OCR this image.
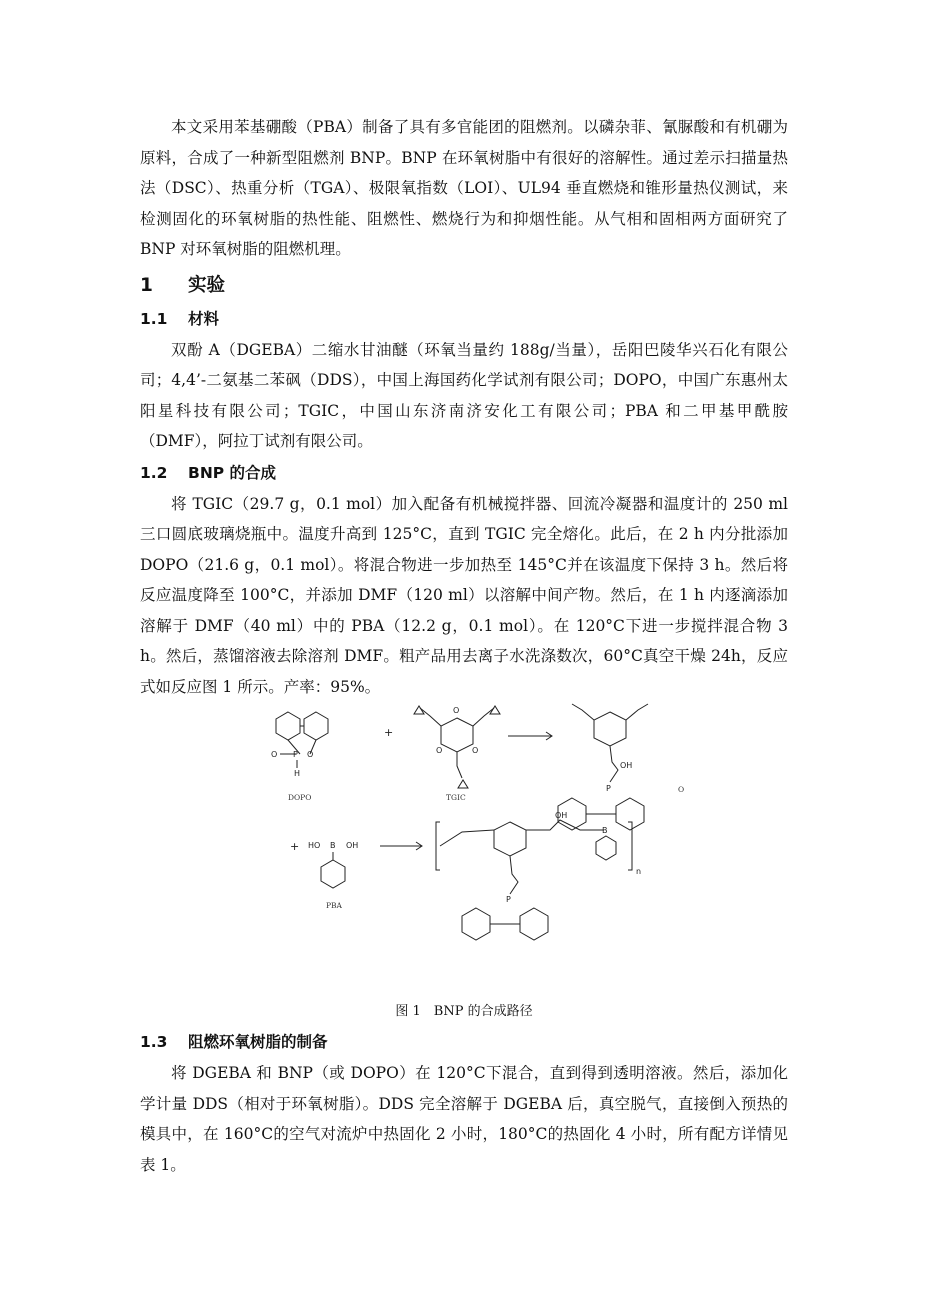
本文采用苯基硼酸（PBA）制备了具有多官能团的阻燃剂。以磷杂菲、氰脲酸和有机硼为原料，合成了一种新型阻燃剂 BNP。BNP 在环氧树脂中有很好的溶解性。通过差示扫描量热法（DSC）、热重分析（TGA）、极限氧指数（LOI）、UL94 垂直燃烧和锥形量热仪测试，来检测固化的环氧树脂的热性能、阻燃性、燃烧行为和抑烟性能。从气相和固相两方面研究了 BNP 对环氧树脂的阻燃机理。

1 实验
1.1 材料

双酚 A（DGEBA）二缩水甘油醚（环氧当量约 188g/当量），岳阳巴陵华兴石化有限公司；4,4’-二氨基二苯砜（DDS），中国上海国药化学试剂有限公司；DOPO，中国广东惠州太阳星科技有限公司；TGIC，中国山东济南济安化工有限公司；PBA 和二甲基甲酰胺（DMF），阿拉丁试剂有限公司。

1.2 BNP 的合成

将 TGIC（29.7 g，0.1 mol）加入配备有机械搅拌器、回流冷凝器和温度计的 250 ml 三口圆底玻璃烧瓶中。温度升高到 125°C，直到 TGIC 完全熔化。此后，在 2 h 内分批添加 DOPO（21.6 g，0.1 mol）。将混合物进一步加热至 145°C并在该温度下保持 3 h。然后将反应温度降至 100°C，并添加 DMF（120 ml）以溶解中间产物。然后，在 1 h 内逐滴添加溶解于 DMF（40 ml）中的 PBA（12.2 g，0.1 mol）。在 120°C下进一步搅拌混合物 3 h。然后，蒸馏溶液去除溶剂 DMF。粗产品用去离子水洗涤数次，60°C真空干燥 24h，反应式如反应图 1 所示。产率：95%。

P
O	O
H
DOPO
+
O
O	O
TGIC
OH
P	O
+ HO B OH
PBA
OH
B
n
P

图 1　BNP 的合成路径

1.3 阻燃环氧树脂的制备

将 DGEBA 和 BNP（或 DOPO）在 120°C下混合，直到得到透明溶液。然后，添加化学计量 DDS（相对于环氧树脂）。DDS 完全溶解于 DGEBA 后，真空脱气，直接倒入预热的模具中，在 160°C的空气对流炉中热固化 2 小时，180°C的热固化 4 小时，所有配方详情见表 1。
